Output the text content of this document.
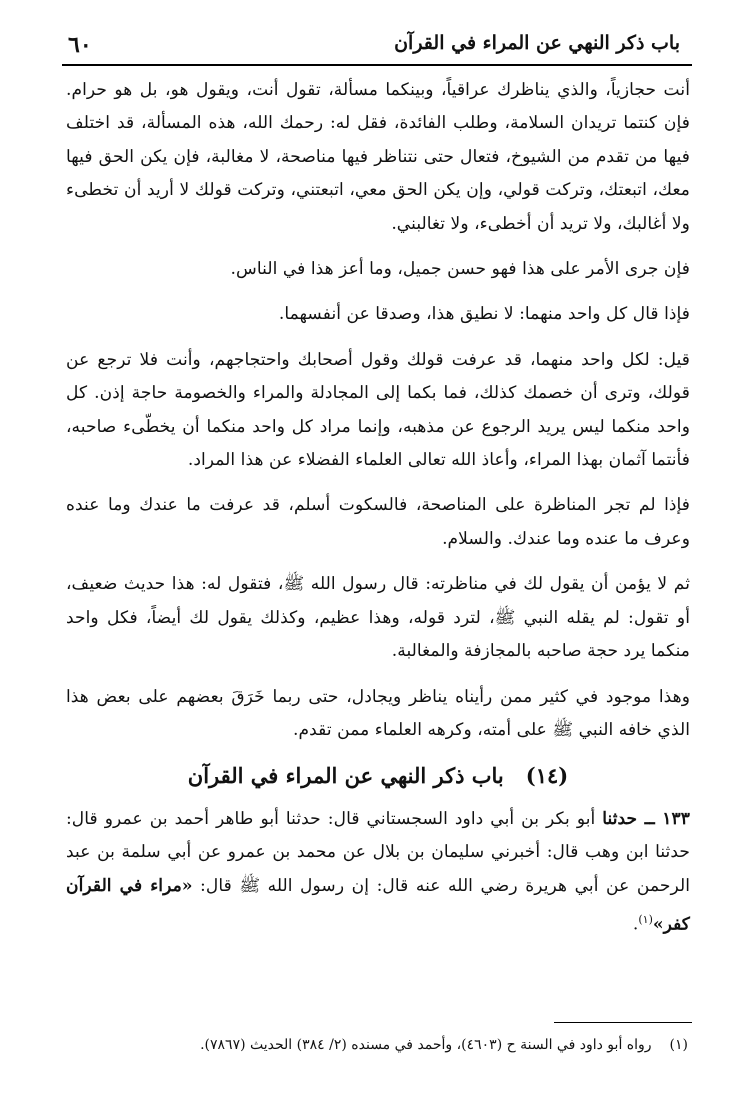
باب ذكر النهي عن المراء في القرآن
٦٠

أنت حجازياً، والذي يناظرك عراقياً، وبينكما مسألة، تقول أنت، ويقول هو، بل هو حرام. فإن كنتما تريدان السلامة، وطلب الفائدة، فقل له: رحمك الله، هذه المسألة، قد اختلف فيها من تقدم من الشيوخ، فتعال حتى نتناظر فيها مناصحة، لا مغالبة، فإن يكن الحق فيها معك، اتبعتك، وتركت قولي، وإن يكن الحق معي، اتبعتني، وتركت قولك لا أريد أن تخطىء ولا أغالبك، ولا تريد أن أخطىء، ولا تغالبني.

فإن جرى الأمر على هذا فهو حسن جميل، وما أعز هذا في الناس.

فإذا قال كل واحد منهما: لا نطيق هذا، وصدقا عن أنفسهما.

قيل: لكل واحد منهما، قد عرفت قولك وقول أصحابك واحتجاجهم، وأنت فلا ترجع عن قولك، وترى أن خصمك كذلك، فما بكما إلى المجادلة والمراء والخصومة حاجة إذن. كل واحد منكما ليس يريد الرجوع عن مذهبه، وإنما مراد كل واحد منكما أن يخطّىء صاحبه، فأنتما آثمان بهذا المراء، وأعاذ الله تعالى العلماء الفضلاء عن هذا المراد.

فإذا لم تجر المناظرة على المناصحة، فالسكوت أسلم، قد عرفت ما عندك وما عنده وعرف ما عنده وما عندك. والسلام.

ثم لا يؤمن أن يقول لك في مناظرته: قال رسول الله ﷺ، فتقول له: هذا حديث ضعيف، أو تقول: لم يقله النبي ﷺ، لترد قوله، وهذا عظيم، وكذلك يقول لك أيضاً، فكل واحد منكما يرد حجة صاحبه بالمجازفة والمغالبة.

وهذا موجود في كثير ممن رأيناه يناظر ويجادل، حتى ربما خَرَقَ بعضهم على بعض هذا الذي خافه النبي ﷺ على أمته، وكرهه العلماء ممن تقدم.

(١٤)باب ذكر النهي عن المراء في القرآن

١٣٣ ــ حدثنا أبو بكر بن أبي داود السجستاني قال: حدثنا أبو طاهر أحمد بن عمرو قال: حدثنا ابن وهب قال: أخبرني سليمان بن بلال عن محمد بن عمرو عن أبي سلمة بن عبد الرحمن عن أبي هريرة رضي الله عنه قال: إن رسول الله ﷺ قال: «مراء في القرآن كفر»$^{(١)}$.

(١)رواه أبو داود في السنة ح (٤٦٠٣)، وأحمد في مسنده (٢/ ٣٨٤) الحديث (٧٨٦٧).
